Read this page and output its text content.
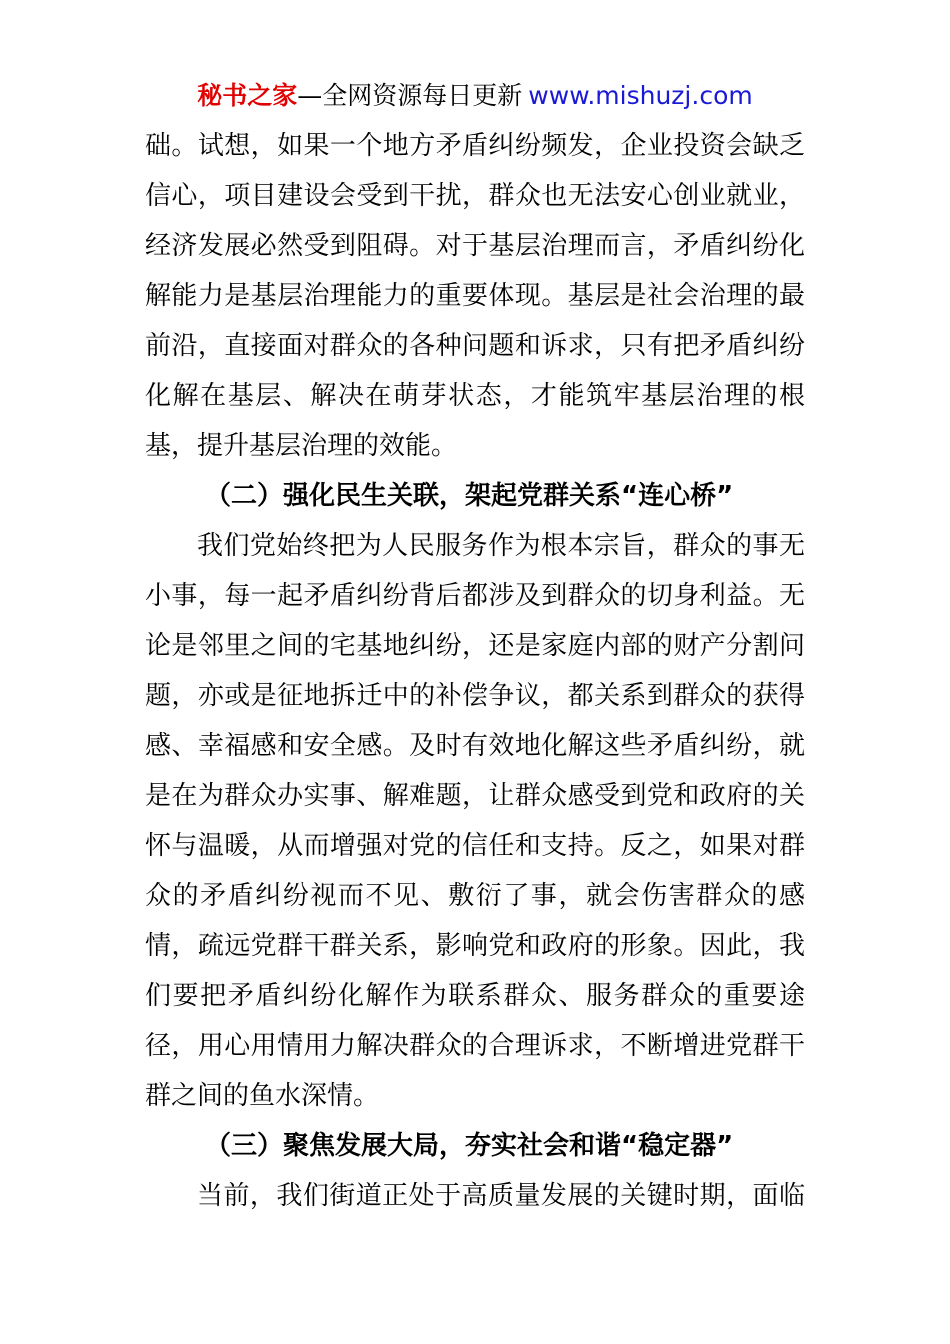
秘书之家—全网资源每日更新 www.mishuzj.com
础。试想，如果一个地方矛盾纠纷频发，企业投资会缺乏
信心，项目建设会受到干扰，群众也无法安心创业就业，
经济发展必然受到阻碍。对于基层治理而言，矛盾纠纷化
解能力是基层治理能力的重要体现。基层是社会治理的最
前沿，直接面对群众的各种问题和诉求，只有把矛盾纠纷
化解在基层、解决在萌芽状态，才能筑牢基层治理的根
基，提升基层治理的效能。
（二）强化民生关联，架起党群关系“连心桥”
我们党始终把为人民服务作为根本宗旨，群众的事无
小事，每一起矛盾纠纷背后都涉及到群众的切身利益。无
论是邻里之间的宅基地纠纷，还是家庭内部的财产分割问
题，亦或是征地拆迁中的补偿争议，都关系到群众的获得
感、幸福感和安全感。及时有效地化解这些矛盾纠纷，就
是在为群众办实事、解难题，让群众感受到党和政府的关
怀与温暖，从而增强对党的信任和支持。反之，如果对群
众的矛盾纠纷视而不见、敷衍了事，就会伤害群众的感
情，疏远党群干群关系，影响党和政府的形象。因此，我
们要把矛盾纠纷化解作为联系群众、服务群众的重要途
径，用心用情用力解决群众的合理诉求，不断增进党群干
群之间的鱼水深情。
（三）聚焦发展大局，夯实社会和谐“稳定器”
当前，我们街道正处于高质量发展的关键时期，面临
